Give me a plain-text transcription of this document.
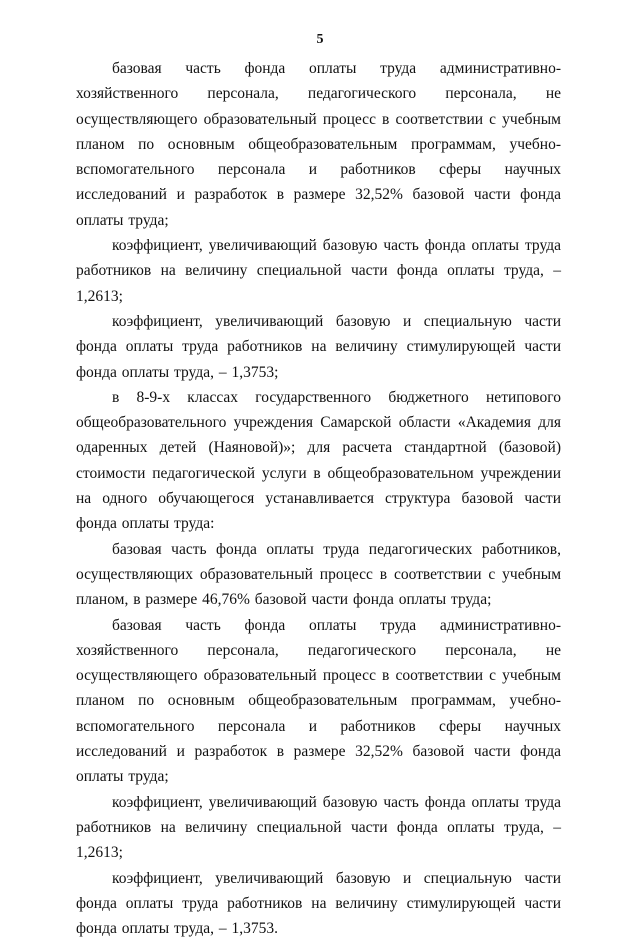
5

базовая часть фонда оплаты труда административно-хозяйственного персонала, педагогического персонала, не осуществляющего образовательный процесс в соответствии с учебным планом по основным общеобразовательным программам, учебно-вспомогательного персонала и работников сферы научных исследований и разработок в размере 32,52% базовой части фонда оплаты труда;

коэффициент, увеличивающий базовую часть фонда оплаты труда работников на величину специальной части фонда оплаты труда, – 1,2613;

коэффициент, увеличивающий базовую и специальную части фонда оплаты труда работников на величину стимулирующей части фонда оплаты труда, – 1,3753;

в 8-9-х классах государственного бюджетного нетипового общеобразовательного учреждения Самарской области «Академия для одаренных детей (Наяновой)»; для расчета стандартной (базовой) стоимости педагогической услуги в общеобразовательном учреждении на одного обучающегося устанавливается структура базовой части фонда оплаты труда:

базовая часть фонда оплаты труда педагогических работников, осуществляющих образовательный процесс в соответствии с учебным планом, в размере 46,76% базовой части фонда оплаты труда;

базовая часть фонда оплаты труда административно-хозяйственного персонала, педагогического персонала, не осуществляющего образовательный процесс в соответствии с учебным планом по основным общеобразовательным программам, учебно-вспомогательного персонала и работников сферы научных исследований и разработок в размере 32,52% базовой части фонда оплаты труда;

коэффициент, увеличивающий базовую часть фонда оплаты труда работников на величину специальной части фонда оплаты труда, – 1,2613;

коэффициент, увеличивающий базовую и специальную части фонда оплаты труда работников на величину стимулирующей части фонда оплаты труда, – 1,3753.
